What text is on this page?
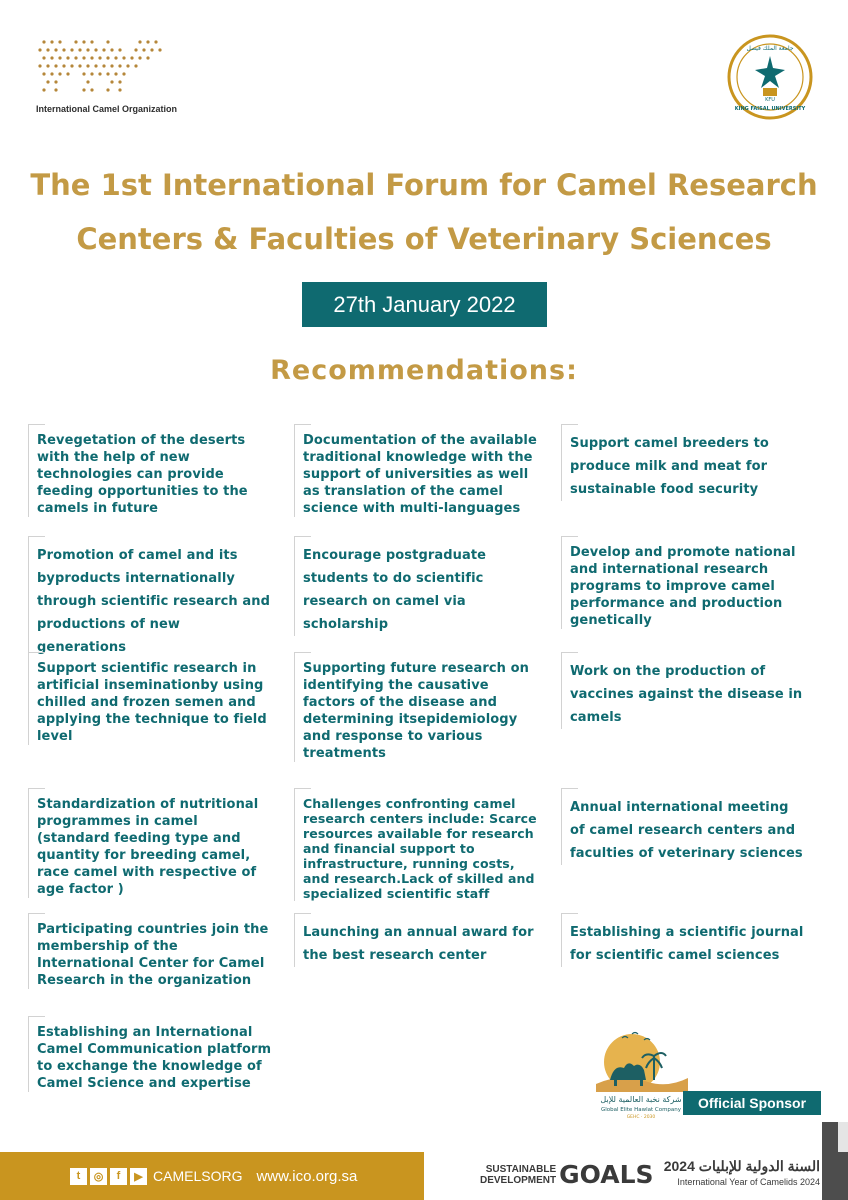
International Camel Organization
جامعة الملك فيصل
KING FAISAL UNIVERSITY
KFU
The 1st International Forum for Camel Research
Centers & Faculties of Veterinary Sciences
27th January 2022
Recommendations:
Revegetation of the deserts with the help of new technologies can provide feeding opportunities to the camels in future
Documentation of the available traditional knowledge with the support of universities as well as translation of the camel science with multi-languages
Support camel breeders to produce milk and meat for sustainable food security
Promotion of camel and its byproducts internationally through scientific research and productions of new generations
Encourage postgraduate students to do scientific research on camel via scholarship
Develop and promote national and international research programs to improve camel performance and production genetically
Support scientific research in artificial inseminationby using chilled and frozen semen and applying the technique to field level
Supporting future research on identifying the causative factors of the disease and determining itsepidemiology and response to various treatments
Work on the production of vaccines against the disease in camels
Standardization of nutritional programmes in camel (standard feeding type and quantity for breeding camel, race camel with respective of age factor )
Challenges confronting camel research centers include: Scarce resources available for research and financial support to infrastructure, running costs, and research.Lack of skilled and specialized scientific staff
Annual international meeting of camel research centers and faculties of veterinary sciences
Participating countries join the membership of the International Center for Camel Research in the organization
Launching an annual award for the best research center
Establishing a scientific journal for scientific camel sciences
Establishing an International Camel Communication platform to exchange the knowledge of Camel Science and expertise
شركة نخبة العالمية للإبل
Global Elite Hawlat Company
GEHC · 2030
Official Sponsor
t	◎	f	▶ CAMELSORG www.ico.org.sa	SUSTAINABLE
DEVELOPMENT GOALS السنة الدولية للإبليات 2024
International Year of Camelids 2024
